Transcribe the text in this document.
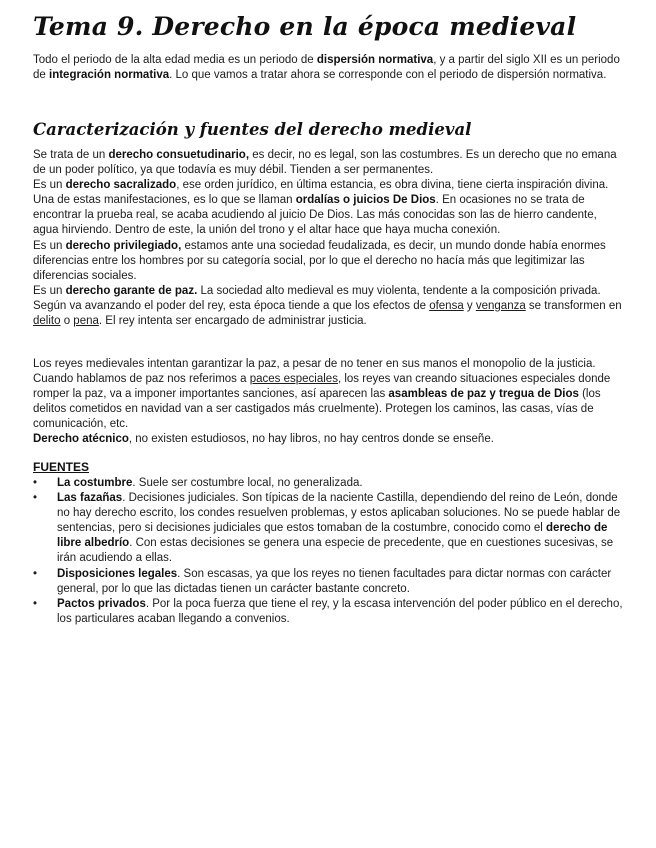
Tema 9. Derecho en la época medieval

Todo el periodo de la alta edad media es un periodo de dispersión normativa, y a partir del siglo XII es un periodo de integración normativa. Lo que vamos a tratar ahora se corresponde con el periodo de dispersión normativa.

Caracterización y fuentes del derecho medieval

Se trata de un derecho consuetudinario, es decir, no es legal, son las costumbres. Es un derecho que no emana de un poder político, ya que todavía es muy débil. Tienden a ser permanentes.

Es un derecho sacralizado, ese orden jurídico, en última estancia, es obra divina, tiene cierta inspiración divina. Una de estas manifestaciones, es lo que se llaman ordalías o juicios De Dios. En ocasiones no se trata de encontrar la prueba real, se acaba acudiendo al juicio De Dios. Las más conocidas son las de hierro candente, agua hirviendo. Dentro de este, la unión del trono y el altar hace que haya mucha conexión.

Es un derecho privilegiado, estamos ante una sociedad feudalizada, es decir, un mundo donde había enormes diferencias entre los hombres por su categoría social, por lo que el derecho no hacía más que legitimizar las diferencias sociales.

Es un derecho garante de paz. La sociedad alto medieval es muy violenta, tendente a la composición privada. Según va avanzando el poder del rey, esta época tiende a que los efectos de ofensa y venganza se transformen en delito o pena. El rey intenta ser encargado de administrar justicia.

Los reyes medievales intentan garantizar la paz, a pesar de no tener en sus manos el monopolio de la justicia. Cuando hablamos de paz nos referimos a paces especiales, los reyes van creando situaciones especiales donde romper la paz, va a imponer importantes sanciones, así aparecen las asambleas de paz y tregua de Dios (los delitos cometidos en navidad van a ser castigados más cruelmente). Protegen los caminos, las casas, vías de comunicación, etc.

Derecho atécnico, no existen estudiosos, no hay libros, no hay centros donde se enseñe.

FUENTES

• La costumbre. Suele ser costumbre local, no generalizada.
• Las fazañas. Decisiones judiciales. Son típicas de la naciente Castilla, dependiendo del reino de León, donde no hay derecho escrito, los condes resuelven problemas, y estos aplicaban soluciones. No se puede hablar de sentencias, pero si decisiones judiciales que estos tomaban de la costumbre, conocido como el derecho de libre albedrío. Con estas decisiones se genera una especie de precedente, que en cuestiones sucesivas, se irán acudiendo a ellas.
• Disposiciones legales. Son escasas, ya que los reyes no tienen facultades para dictar normas con carácter general, por lo que las dictadas tienen un carácter bastante concreto.
• Pactos privados. Por la poca fuerza que tiene el rey, y la escasa intervención del poder público en el derecho, los particulares acaban llegando a convenios.
